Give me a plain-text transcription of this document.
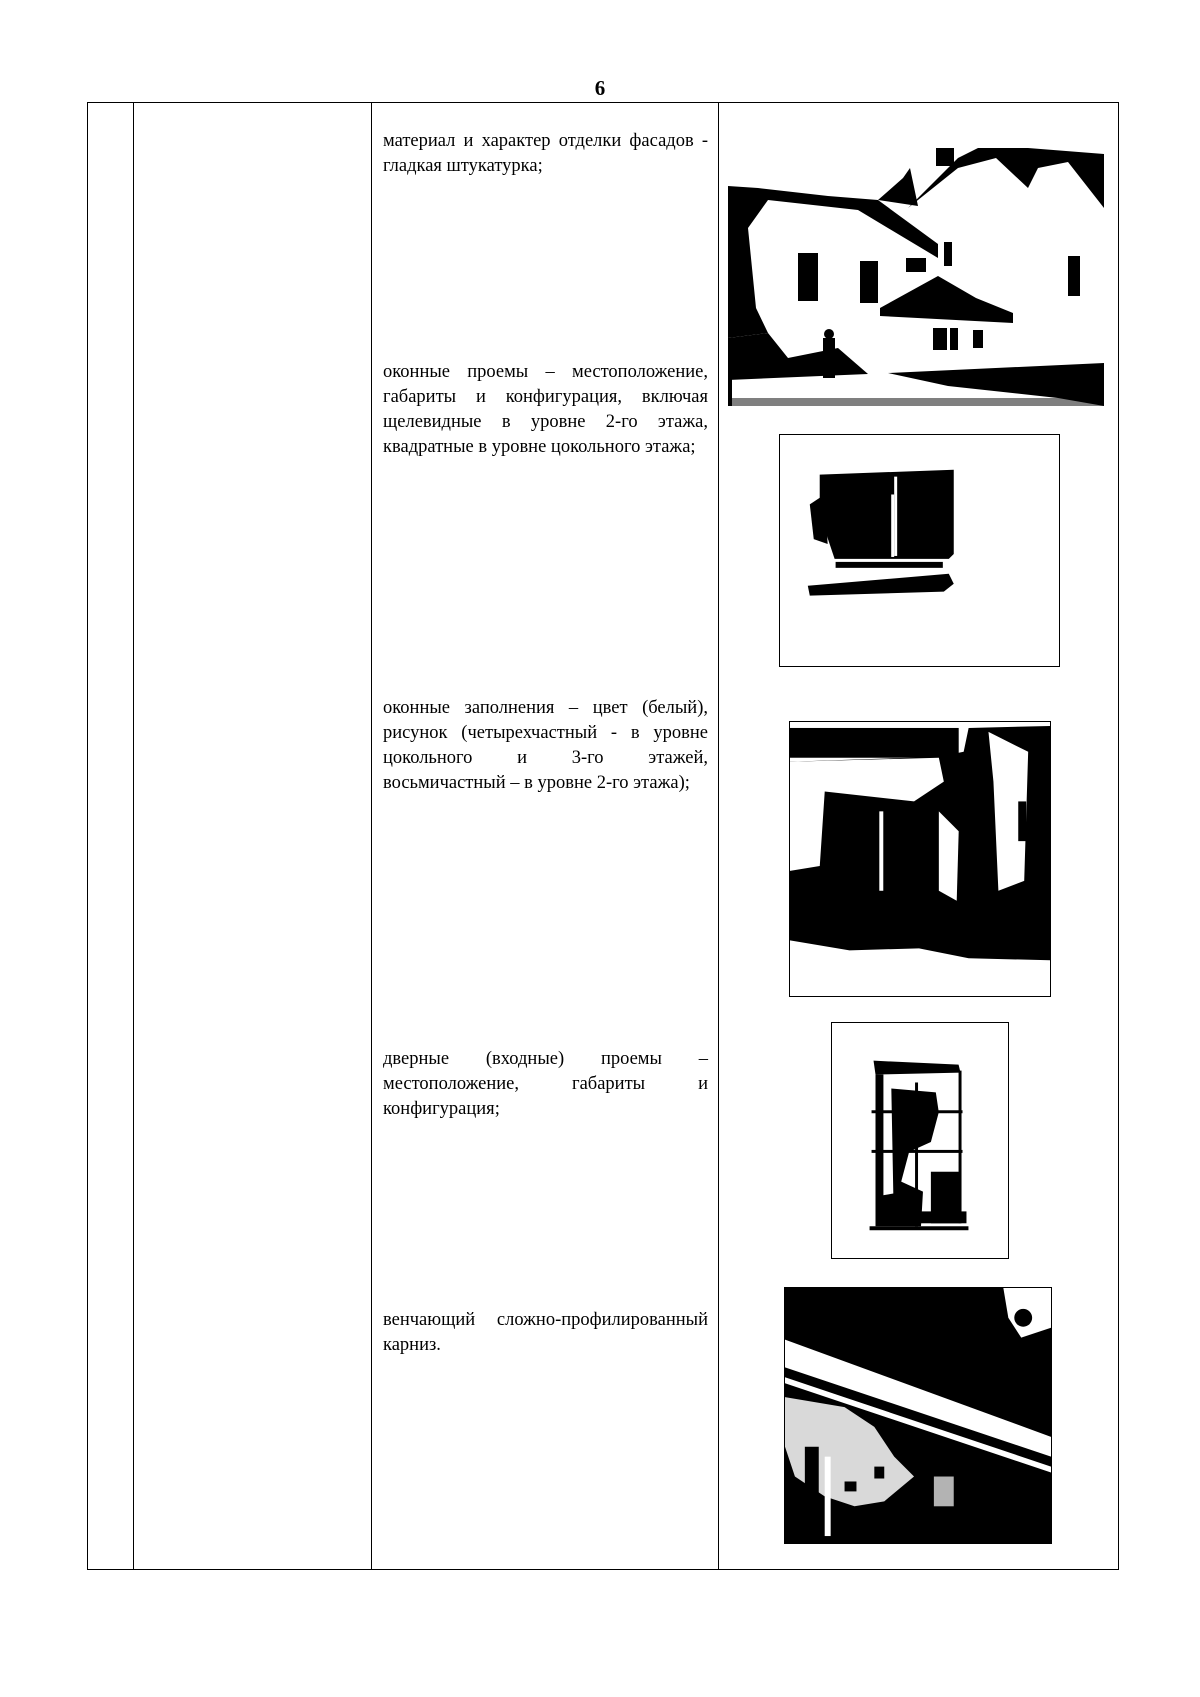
6
материал и характер отделки фасадов - гладкая штукатурка;
оконные проемы – местоположение, габариты и конфигурация, включая щелевидные в уровне 2-го этажа, квадратные в уровне цокольного этажа;
оконные заполнения – цвет (белый), рисунок (четырехчастный - в уровне цокольного и 3-го этажей, восьмичастный – в уровне 2-го этажа);
дверные (входные) проемы – местоположение, габариты и конфигурация;
венчающий сложно-профилированный карниз.
